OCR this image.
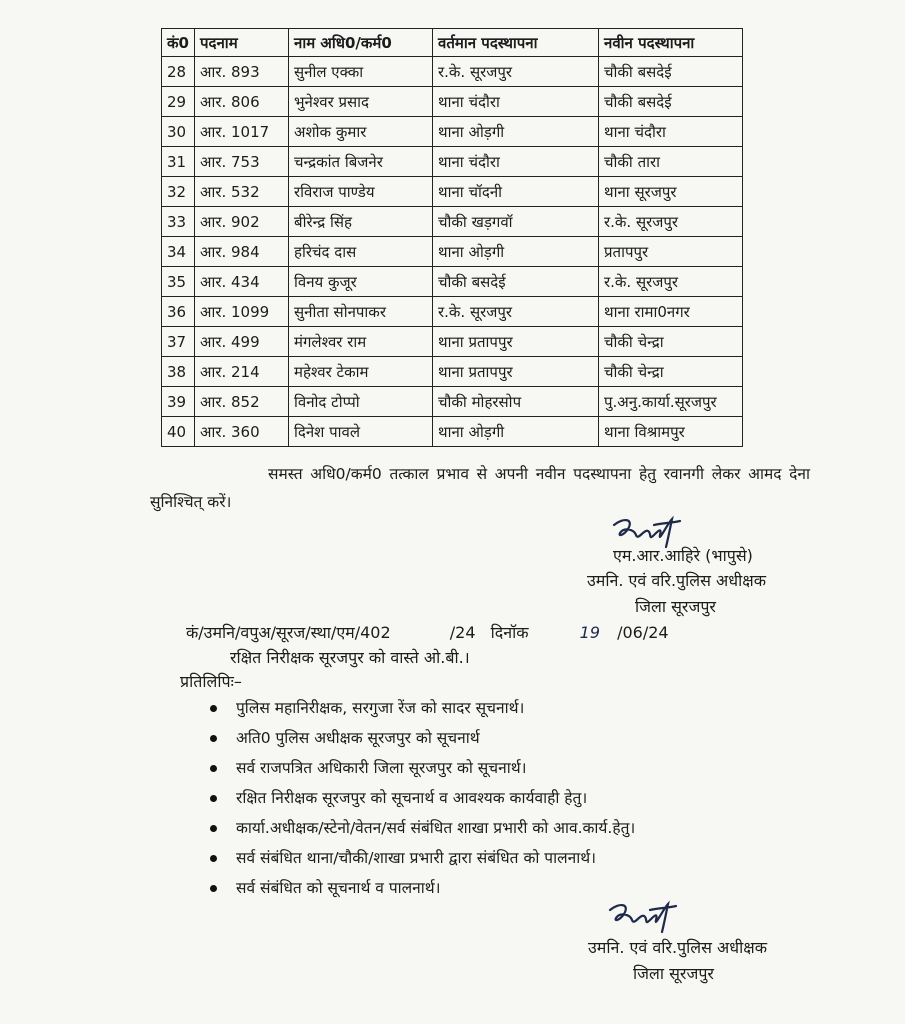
कं0	पदनाम	नाम अधि0/कर्म0	वर्तमान पदस्थापना	नवीन पदस्थापना
28	आर. 893	सुनील एक्का	र.के. सूरजपुर	चौकी बसदेई
29	आर. 806	भुनेश्वर प्रसाद	थाना चंदौरा	चौकी बसदेई
30	आर. 1017	अशोक कुमार	थाना ओड़गी	थाना चंदौरा
31	आर. 753	चन्द्रकांत बिजनेर	थाना चंदौरा	चौकी तारा
32	आर. 532	रविराज पाण्डेय	थाना चॉदनी	थाना सूरजपुर
33	आर. 902	बीरेन्द्र सिंह	चौकी खड़गवॉ	र.के. सूरजपुर
34	आर. 984	हरिचंद दास	थाना ओड़गी	प्रतापपुर
35	आर. 434	विनय कुजूर	चौकी बसदेई	र.के. सूरजपुर
36	आर. 1099	सुनीता सोनपाकर	र.के. सूरजपुर	थाना रामा0नगर
37	आर. 499	मंगलेश्वर राम	थाना प्रतापपुर	चौकी चेन्द्रा
38	आर. 214	महेश्वर टेकाम	थाना प्रतापपुर	चौकी चेन्द्रा
39	आर. 852	विनोद टोप्पो	चौकी मोहरसोप	पु.अनु.कार्या.सूरजपुर
40	आर. 360	दिनेश पावले	थाना ओड़गी	थाना विश्रामपुर

समस्त अधि0/कर्म0 तत्काल प्रभाव से अपनी नवीन पदस्थापना हेतु रवानगी लेकर आमद देना सुनिश्चित् करें।

एम.आर.आहिरे (भापुसे)
उमनि. एवं वरि.पुलिस अधीक्षक
जिला सूरजपुर
कं/उमनि/वपुअ/सूरज/स्था/एम/402	/24 दिनॉक	19 /06/24
रक्षित निरीक्षक सूरजपुर को वास्ते ओ.बी.।
प्रतिलिपिः–
पुलिस महानिरीक्षक, सरगुजा रेंज को सादर सूचनार्थ।
अति0 पुलिस अधीक्षक सूरजपुर को सूचनार्थ
सर्व राजपत्रित अधिकारी जिला सूरजपुर को सूचनार्थ।
रक्षित निरीक्षक सूरजपुर को सूचनार्थ व आवश्यक कार्यवाही हेतु।
कार्या.अधीक्षक/स्टेनो/वेतन/सर्व संबंधित शाखा प्रभारी को आव.कार्य.हेतु।
सर्व संबंधित थाना/चौकी/शाखा प्रभारी द्वारा संबंधित को पालनार्थ।
सर्व संबंधित को सूचनार्थ व पालनार्थ।
उमनि. एवं वरि.पुलिस अधीक्षक
जिला सूरजपुर
